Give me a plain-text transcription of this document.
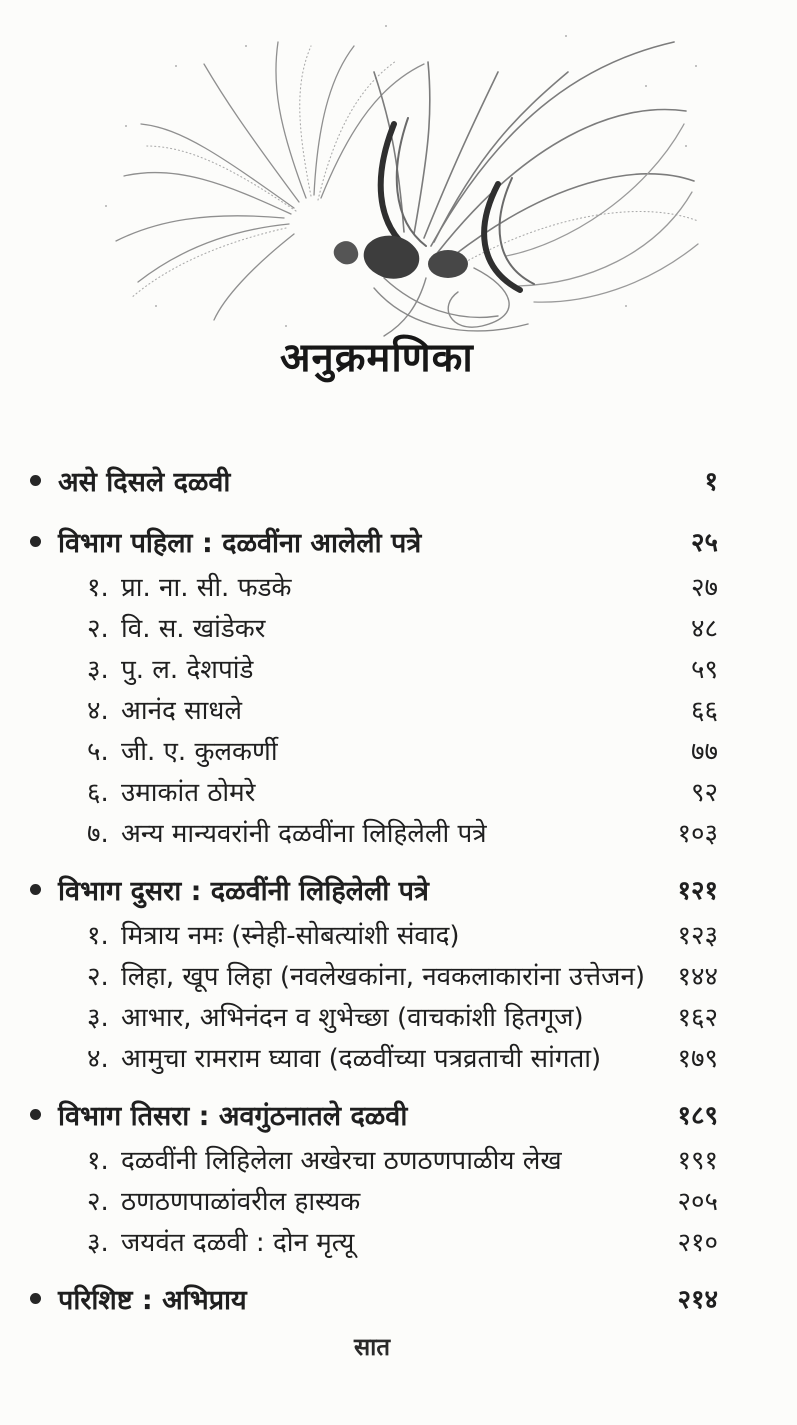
अनुक्रमणिका
असे दिसले दळवी	१
विभाग पहिला : दळवींना आलेली पत्रे	२५
१. प्रा. ना. सी. फडके	२७
२. वि. स. खांडेकर	४८
३. पु. ल. देशपांडे	५९
४. आनंद साधले	६६
५. जी. ए. कुलकर्णी	७७
६. उमाकांत ठोमरे	९२
७. अन्य मान्यवरांनी दळवींना लिहिलेली पत्रे	१०३
विभाग दुसरा : दळवींनी लिहिलेली पत्रे	१२१
१. मित्राय नमः (स्नेही-सोबत्यांशी संवाद)	१२३
२. लिहा, खूप लिहा (नवलेखकांना, नवकलाकारांना उत्तेजन)	१४४
३. आभार, अभिनंदन व शुभेच्छा (वाचकांशी हितगूज)	१६२
४. आमुचा रामराम घ्यावा (दळवींच्या पत्रव्रताची सांगता)	१७९
विभाग तिसरा : अवगुंठनातले दळवी	१८९
१. दळवींनी लिहिलेला अखेरचा ठणठणपाळीय लेख	१९१
२. ठणठणपाळांवरील हास्यक	२०५
३. जयवंत दळवी : दोन मृत्यू	२१०
परिशिष्ट : अभिप्राय	२१४
सात
